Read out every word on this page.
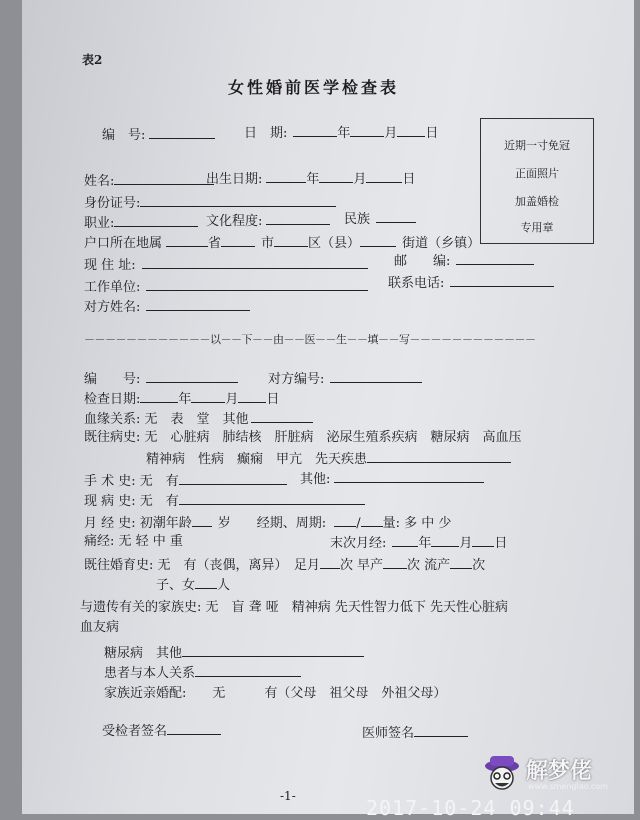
表2
女性婚前医学检查表
近期一寸免冠
正面照片
加盖婚检
专用章
编　号:	日　期:	年	月 日
姓名:	出生日期:	年	月	日
身份证号:
职业:	文化程度:	民族
户口所在地属	省	市	区（县）	街道（乡镇）
现 住 址:	邮　　编:
工作单位:	联系电话:
对方姓名:
－－－－－－－－－－－－以－－下－－由－－医－－生－－填－－写－－－－－－－－－－－－
编　　号:	对方编号:
检查日期:	年	月 日
血缘关系: 无　表　堂　其他
既往病史: 无　心脏病　肺结核　肝脏病　泌尿生殖系疾病　糖尿病　高血压
精神病　性病　癫痫　甲亢　先天疾患
手 术 史: 无　有	其他:
现 病 史: 无　有
月 经 史: 初潮年龄 岁 经期、周期: / 量: 多 中 少
痛经: 无 轻 中 重	末次月经: 年 月 日
既往婚育史: 无　有（丧偶，离异）　足月 次 早产 次 流产 次
子、女 人
与遗传有关的家族史: 无　盲 聋 哑　精神病 先天性智力低下 先天性心脏病
血友病
糖尿病　其他
患者与本人关系
家族近亲婚配:　　无　　　有（父母　祖父母　外祖父母）
受检者签名	医师签名
-1-
解梦佬
www.smenglao.com
2017-10-24 09:44
